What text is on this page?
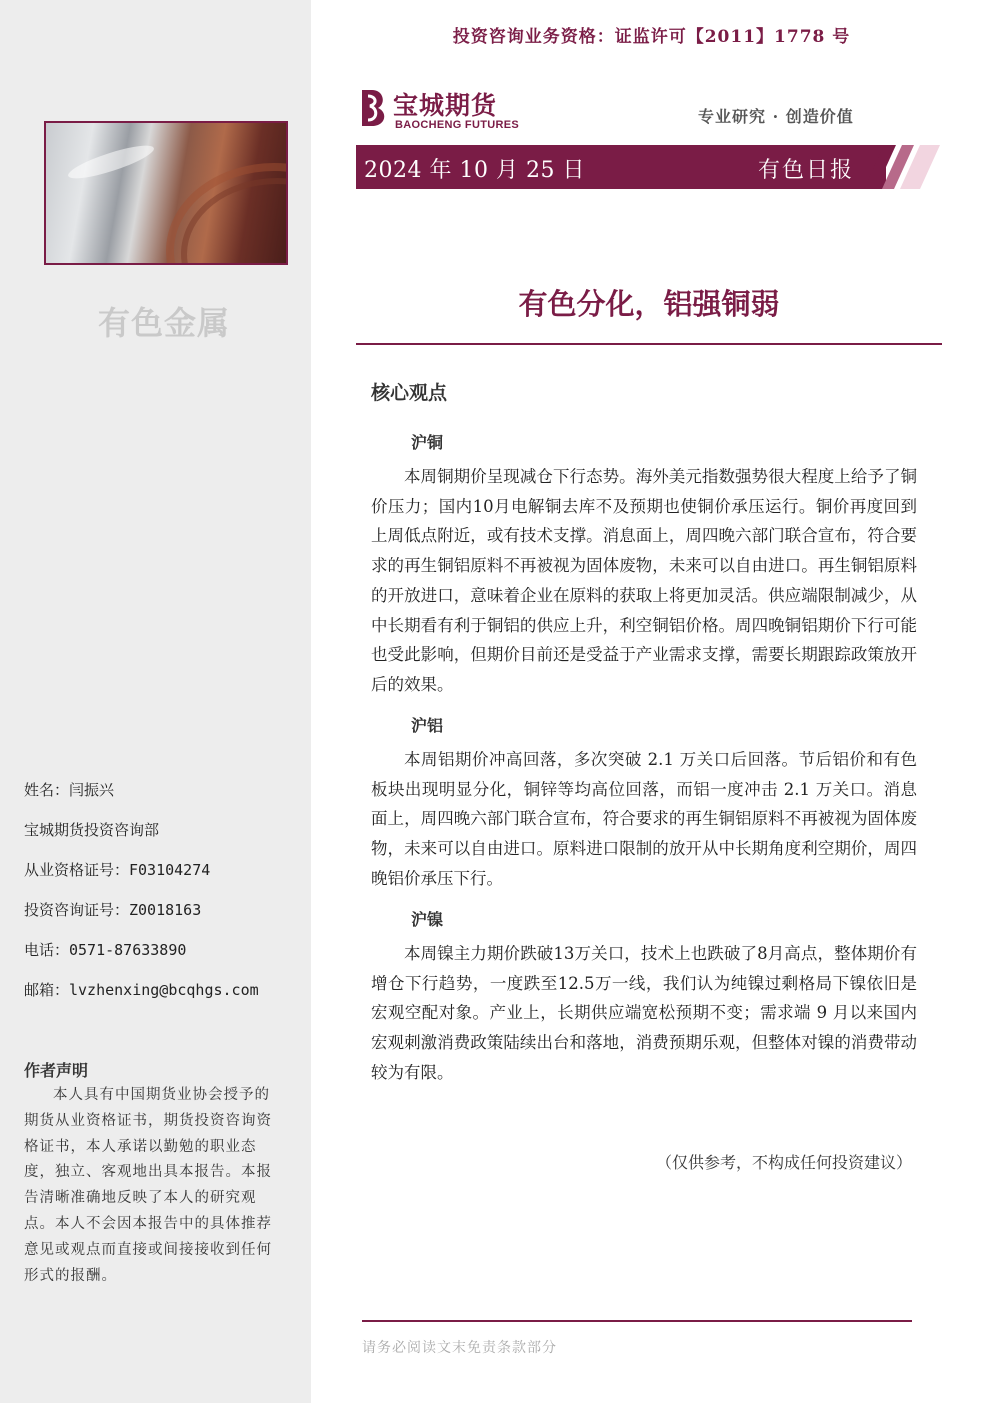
有色金属
姓名：闫振兴
宝城期货投资咨询部
从业资格证号：F03104274
投资咨询证号：Z0018163
电话：0571-87633890
邮箱：lvzhenxing@bcqhgs.com
作者声明
本人具有中国期货业协会授予的期货从业资格证书，期货投资咨询资格证书，本人承诺以勤勉的职业态度，独立、客观地出具本报告。本报告清晰准确地反映了本人的研究观点。本人不会因本报告中的具体推荐意见或观点而直接或间接接收到任何形式的报酬。
投资咨询业务资格：证监许可【2011】1778 号
宝城期货
BAOCHENG FUTURES	专业研究 · 创造价值
2024 年 10 月 25 日	有色日报
有色分化，铝强铜弱
核心观点
沪铜
本周铜期价呈现减仓下行态势。海外美元指数强势很大程度上给予了铜价压力；国内10月电解铜去库不及预期也使铜价承压运行。铜价再度回到上周低点附近，或有技术支撑。消息面上，周四晚六部门联合宣布，符合要求的再生铜铝原料不再被视为固体废物，未来可以自由进口。再生铜铝原料的开放进口，意味着企业在原料的获取上将更加灵活。供应端限制减少，从中长期看有利于铜铝的供应上升，利空铜铝价格。周四晚铜铝期价下行可能也受此影响，但期价目前还是受益于产业需求支撑，需要长期跟踪政策放开后的效果。
沪铝
本周铝期价冲高回落，多次突破 2.1 万关口后回落。节后铝价和有色板块出现明显分化，铜锌等均高位回落，而铝一度冲击 2.1 万关口。消息面上，周四晚六部门联合宣布，符合要求的再生铜铝原料不再被视为固体废物，未来可以自由进口。原料进口限制的放开从中长期角度利空期价，周四晚铝价承压下行。
沪镍
本周镍主力期价跌破13万关口，技术上也跌破了8月高点，整体期价有增仓下行趋势，一度跌至12.5万一线，我们认为纯镍过剩格局下镍依旧是宏观空配对象。产业上，长期供应端宽松预期不变；需求端 9 月以来国内宏观刺激消费政策陆续出台和落地，消费预期乐观，但整体对镍的消费带动较为有限。
（仅供参考，不构成任何投资建议）
请务必阅读文末免责条款部分
